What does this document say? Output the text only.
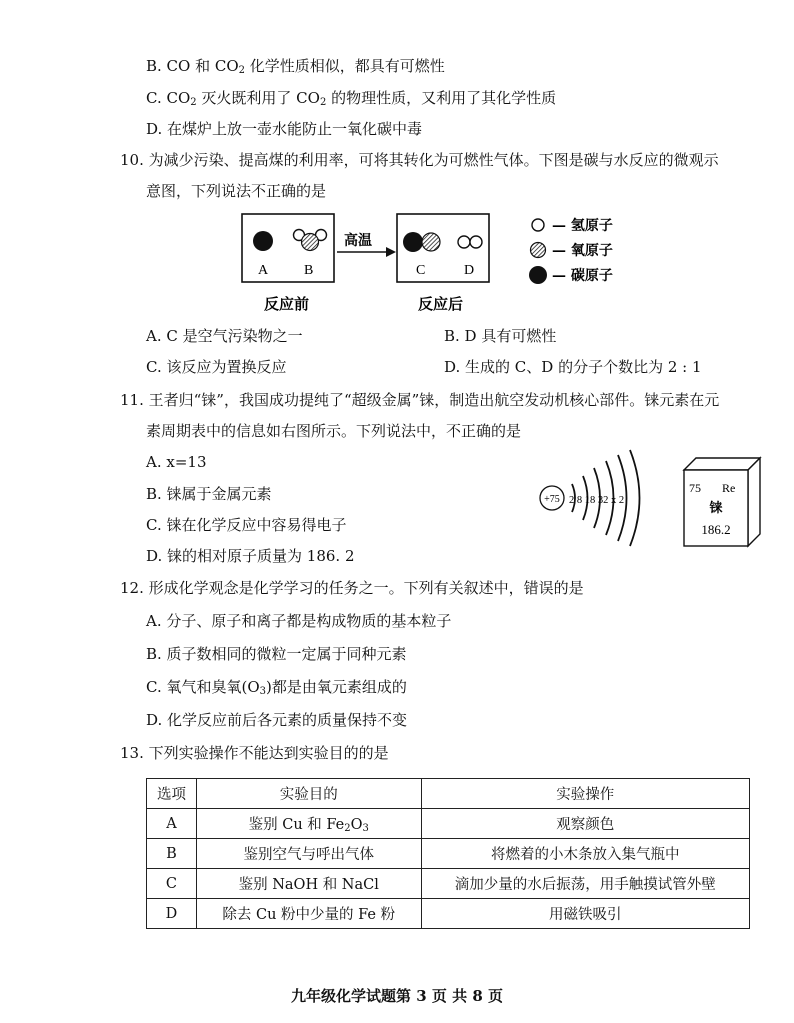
B. CO 和 $CO_2$ 化学性质相似，都具有可燃性
C. $CO_2$ 灭火既利用了 $CO_2$ 的物理性质，又利用了其化学性质
D. 在煤炉上放一壶水能防止一氧化碳中毒
10. 为减少污染、提高煤的利用率，可将其转化为可燃性气体。下图是碳与水反应的微观示
意图，下列说法不正确的是
A	B
高温
C	D
反应前	反应后
— 氢原子
— 氧原子
— 碳原子
A. C 是空气污染物之一	B. D 具有可燃性
C. 该反应为置换反应	D. 生成的 C、D 的分子个数比为 2 : 1
11. 王者归“铼”，我国成功提纯了“超级金属”铼，制造出航空发动机核心部件。铼元素在元
素周期表中的信息如右图所示。下列说法中，不正确的是
A. x=13
B. 铼属于金属元素
C. 铼在化学反应中容易得电子
D. 铼的相对原子质量为 186. 2
+75 2 8 18 32 x 2
75 Re
铼
186.2
12. 形成化学观念是化学学习的任务之一。下列有关叙述中，错误的是
A. 分子、原子和离子都是构成物质的基本粒子
B. 质子数相同的微粒一定属于同种元素
C. 氧气和臭氧$(O_3)$都是由氧元素组成的
D. 化学反应前后各元素的质量保持不变
13. 下列实验操作不能达到实验目的的是
选项	实验目的	实验操作
A	鉴别 Cu 和 $Fe_2O_3$	观察颜色
B	鉴别空气与呼出气体	将燃着的小木条放入集气瓶中
C	鉴别 NaOH 和 NaCl	滴加少量的水后振荡，用手触摸试管外壁
D	除去 Cu 粉中少量的 Fe 粉	用磁铁吸引
九年级化学试题第 3 页 共 8 页
